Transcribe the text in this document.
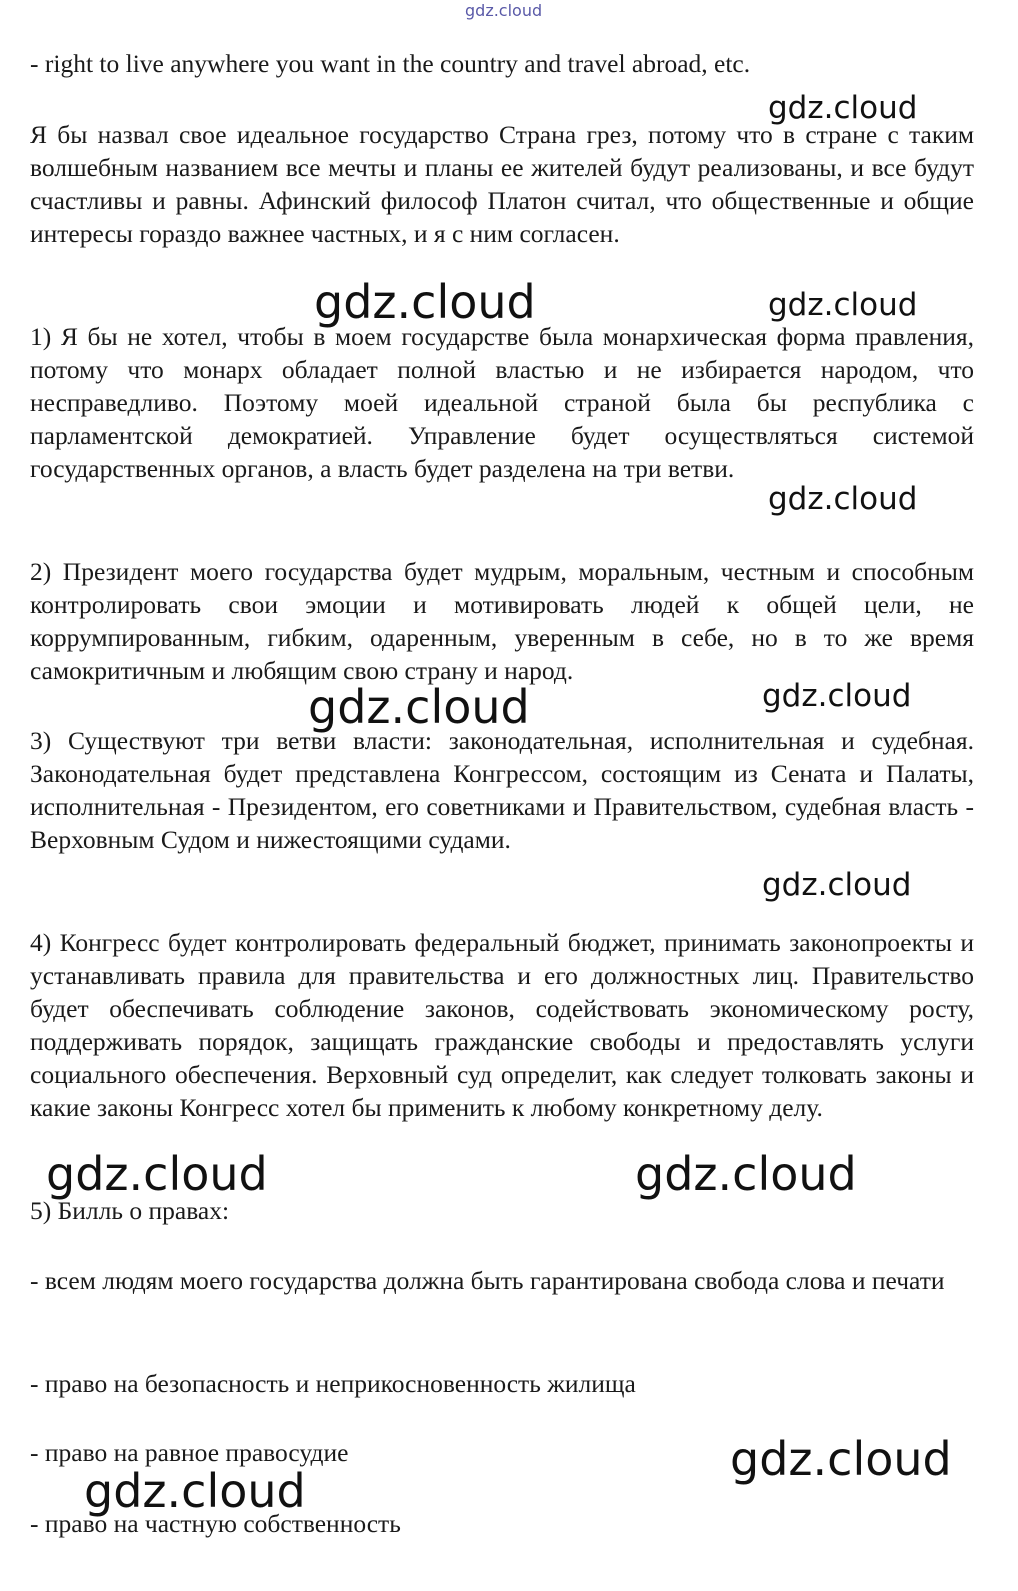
gdz.cloud

- right to live anywhere you want in the country and travel abroad, etc.

Я бы назвал свое идеальное государство Страна грез, потому что в стране с таким волшебным названием все мечты и планы ее жителей будут реализованы, и все будут счастливы и равны. Афинский философ Платон считал, что общественные и общие интересы гораздо важнее частных, и я с ним согласен.

1) Я бы не хотел, чтобы в моем государстве была монархическая форма правления, потому что монарх обладает полной властью и не избирается народом, что несправедливо. Поэтому моей идеальной страной была бы республика с парламентской демократией. Управление будет осуществляться системой государственных органов, а власть будет разделена на три ветви.

2) Президент моего государства будет мудрым, моральным, честным и способным контролировать свои эмоции и мотивировать людей к общей цели, не коррумпированным, гибким, одаренным, уверенным в себе, но в то же время самокритичным и любящим свою страну и народ.

3) Существуют три ветви власти: законодательная, исполнительная и судебная. Законодательная будет представлена Конгрессом, состоящим из Сената и Палаты, исполнительная - Президентом, его советниками и Правительством, судебная власть - Верховным Судом и нижестоящими судами.

4) Конгресс будет контролировать федеральный бюджет, принимать законопроекты и устанавливать правила для правительства и его должностных лиц. Правительство будет обеспечивать соблюдение законов, содействовать экономическому росту, поддерживать порядок, защищать гражданские свободы и предоставлять услуги социального обеспечения. Верховный суд определит, как следует толковать законы и какие законы Конгресс хотел бы применить к любому конкретному делу.

5) Билль о правах:

- всем людям моего государства должна быть гарантирована свобода слова и печати

- право на безопасность и неприкосновенность жилища

- право на равное правосудие

- право на частную собственность

gdz.cloud
gdz.cloud	gdz.cloud
gdz.cloud
gdz.cloud
gdz.cloud
gdz.cloud
gdz.cloud	gdz.cloud
gdz.cloud
gdz.cloud
